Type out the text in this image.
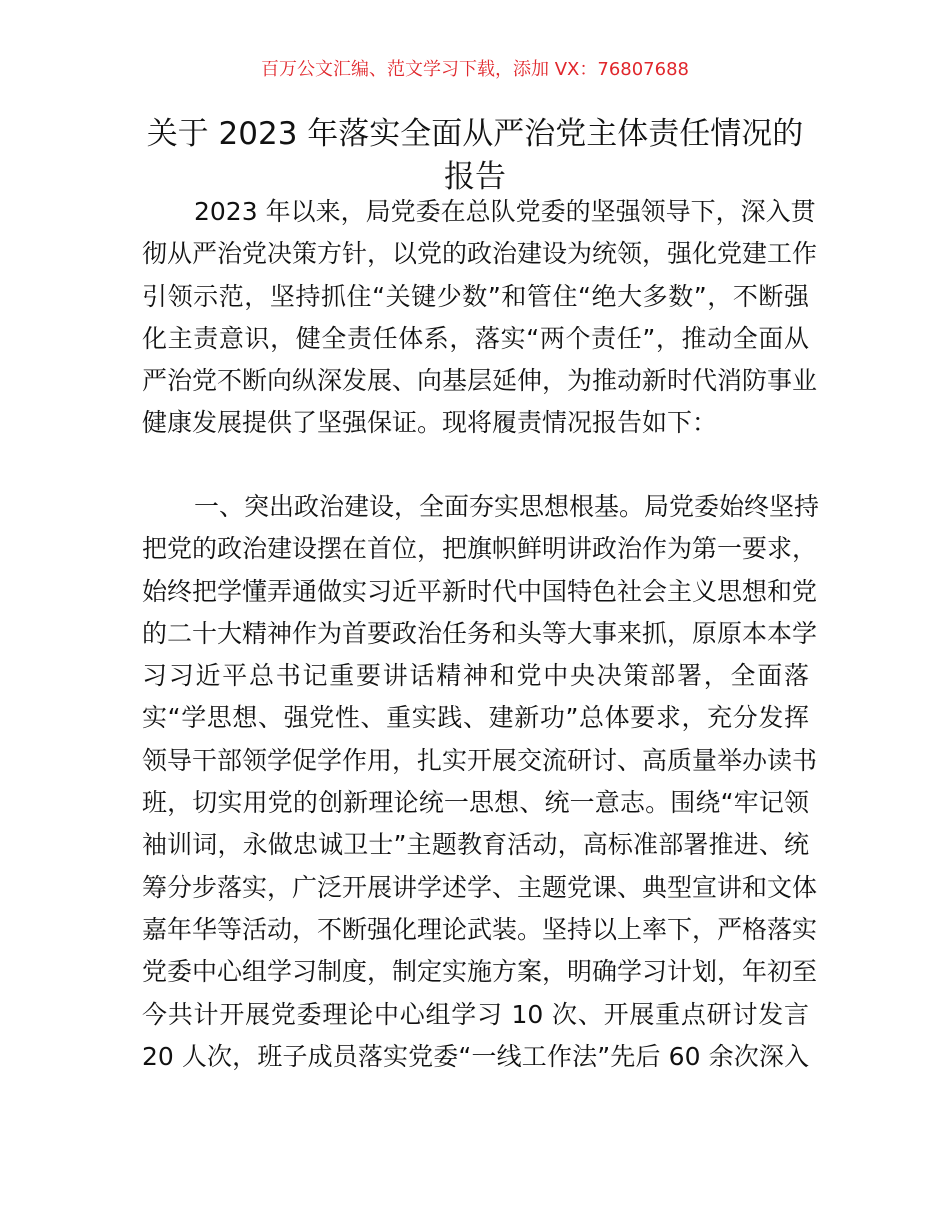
百万公文汇编、范文学习下载，添加 VX：76807688
关于 2023 年落实全面从严治党主体责任情况的
报告
2023 年以来，局党委在总队党委的坚强领导下，深入贯
彻从严治党决策方针，以党的政治建设为统领，强化党建工作
引领示范，坚持抓住“关键少数”和管住“绝大多数”，不断强
化主责意识，健全责任体系，落实“两个责任”，推动全面从
严治党不断向纵深发展、向基层延伸，为推动新时代消防事业
健康发展提供了坚强保证。现将履责情况报告如下：
一、突出政治建设，全面夯实思想根基。局党委始终坚持
把党的政治建设摆在首位，把旗帜鲜明讲政治作为第一要求，
始终把学懂弄通做实习近平新时代中国特色社会主义思想和党
的二十大精神作为首要政治任务和头等大事来抓，原原本本学
习习近平总书记重要讲话精神和党中央决策部署，全面落
实“学思想、强党性、重实践、建新功”总体要求，充分发挥
领导干部领学促学作用，扎实开展交流研讨、高质量举办读书
班，切实用党的创新理论统一思想、统一意志。围绕“牢记领
袖训词，永做忠诚卫士”主题教育活动，高标准部署推进、统
筹分步落实，广泛开展讲学述学、主题党课、典型宣讲和文体
嘉年华等活动，不断强化理论武装。坚持以上率下，严格落实
党委中心组学习制度，制定实施方案，明确学习计划，年初至
今共计开展党委理论中心组学习 10 次、开展重点研讨发言
20 人次，班子成员落实党委“一线工作法”先后 60 余次深入
